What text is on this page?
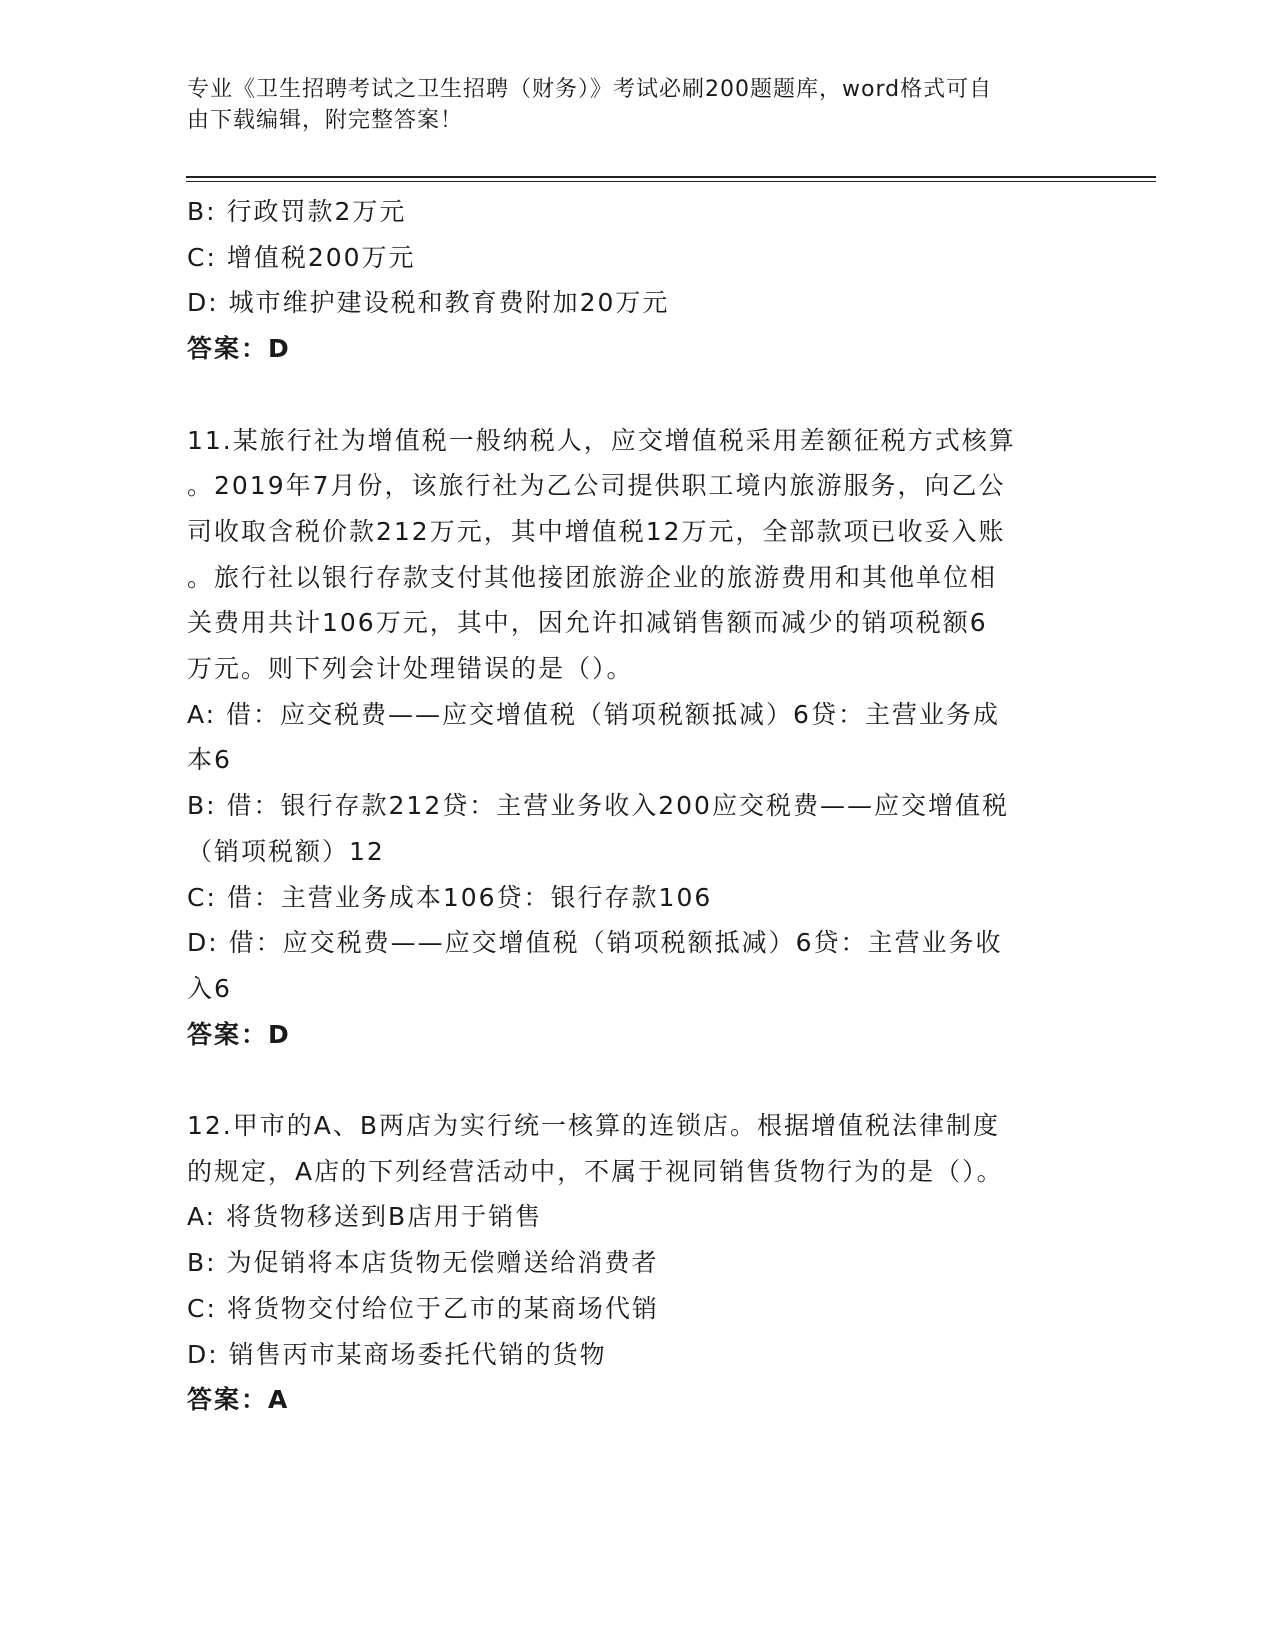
专业《卫生招聘考试之卫生招聘（财务）》考试必刷200题题库，word格式可自
由下载编辑，附完整答案！
B: 行政罚款2万元
C: 增值税200万元
D: 城市维护建设税和教育费附加20万元
答案：D
11.某旅行社为增值税一般纳税人，应交增值税采用差额征税方式核算
。2019年7月份，该旅行社为乙公司提供职工境内旅游服务，向乙公
司收取含税价款212万元，其中增值税12万元，全部款项已收妥入账
。旅行社以银行存款支付其他接团旅游企业的旅游费用和其他单位相
关费用共计106万元，其中，因允许扣减销售额而减少的销项税额6
万元。则下列会计处理错误的是（）。
A: 借：应交税费——应交增值税（销项税额抵减）6贷：主营业务成
本6
B: 借：银行存款212贷：主营业务收入200应交税费——应交增值税
（销项税额）12
C: 借：主营业务成本106贷：银行存款106
D: 借：应交税费——应交增值税（销项税额抵减）6贷：主营业务收
入6
答案：D
12.甲市的A、B两店为实行统一核算的连锁店。根据增值税法律制度
的规定，A店的下列经营活动中，不属于视同销售货物行为的是（）。
A: 将货物移送到B店用于销售
B: 为促销将本店货物无偿赠送给消费者
C: 将货物交付给位于乙市的某商场代销
D: 销售丙市某商场委托代销的货物
答案：A
